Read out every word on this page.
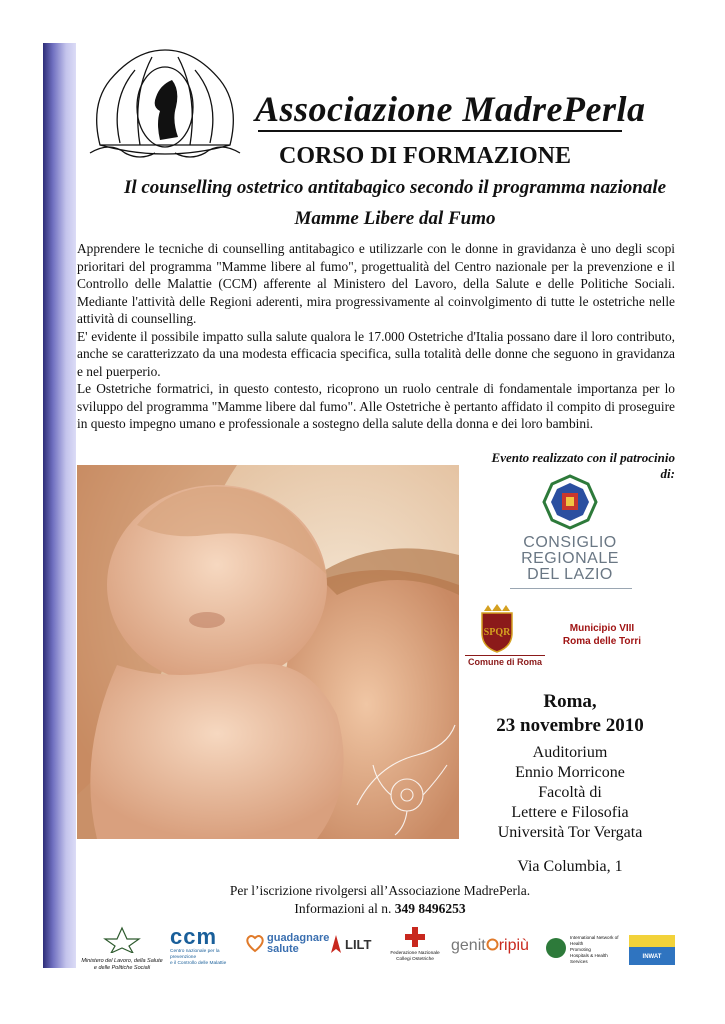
Associazione MadrePerla
CORSO DI FORMAZIONE
Il counselling ostetrico antitabagico secondo il programma nazionale
Mamme Libere dal Fumo

Apprendere le tecniche di counselling antitabagico e utilizzarle con le donne in gravidanza è uno degli scopi prioritari del programma "Mamme libere al fumo", progettualità del Centro nazionale per la prevenzione e il Controllo delle Malattie (CCM) afferente al Ministero del Lavoro, della Salute e delle Politiche Sociali. Mediante l'attività delle Regioni aderenti, mira progressivamente al coinvolgimento di tutte le ostetriche nelle attività di counselling.

E' evidente il possibile impatto sulla salute qualora le 17.000 Ostetriche d'Italia possano dare il loro contributo, anche se caratterizzato da una modesta efficacia specifica, sulla totalità delle donne che seguono in gravidanza e nel puerperio.

Le Ostetriche formatrici, in questo contesto, ricoprono un ruolo centrale di fondamentale importanza per lo sviluppo del programma "Mamme libere dal fumo". Alle Ostetriche è pertanto affidato il compito di proseguire in questo impegno umano e professionale a sostegno della salute della donna e dei loro bambini.

Evento realizzato con il patrocinio di:
CONSIGLIO
REGIONALE
DEL LAZIO
SPQR
Comune di Roma
Municipio VIII
Roma delle Torri
Roma,
23 novembre 2010
Auditorium
Ennio Morricone
Facoltà di
Lettere e Filosofia
Università Tor Vergata
Via Columbia, 1
Per l’iscrizione rivolgersi all’Associazione MadrePerla.
Informazioni al n. 349 8496253
Ministero del Lavoro, della Salute
e delle Politiche Sociali
ccm
Centro nazionale per la prevenzione
e il Controllo delle Malattie
guadagnare
salute	LILT
Federazione Nazionale
Collegi Ostetriche
genit ripiù	International Network of
Health
Promoting
Hospitals & Health Services
INWAT
